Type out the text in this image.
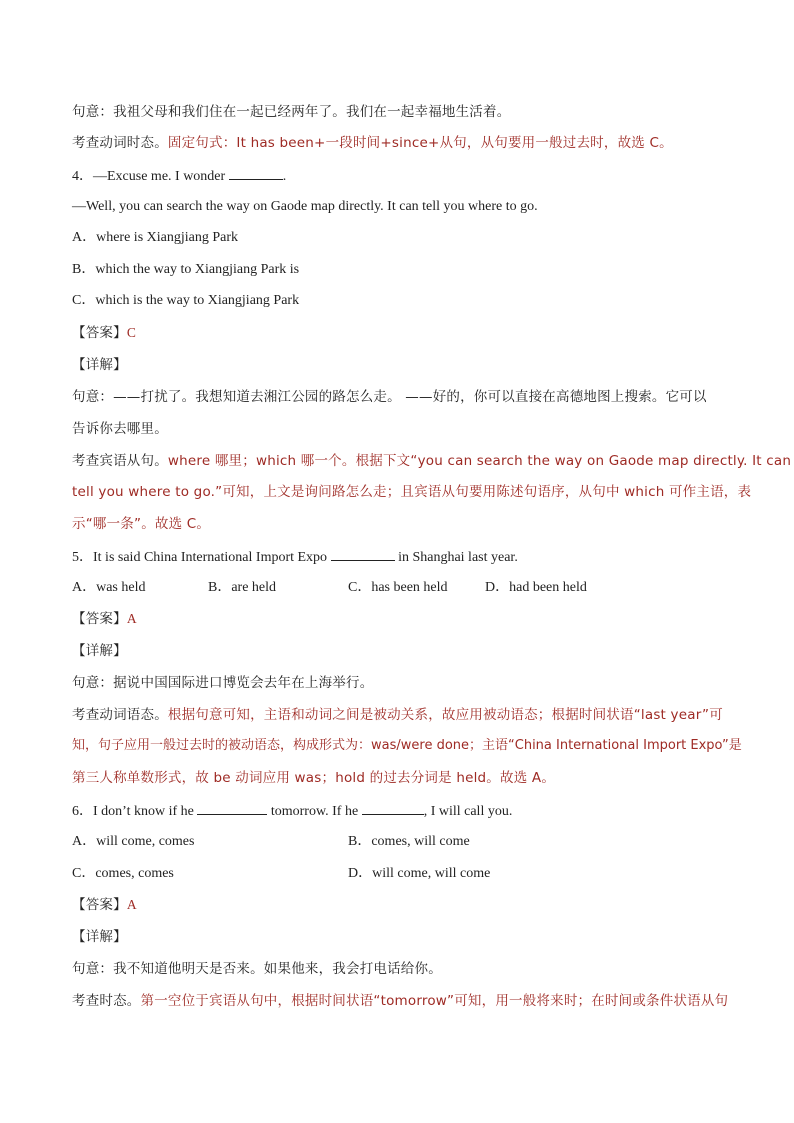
句意：我祖父母和我们住在一起已经两年了。我们在一起幸福地生活着。
考查动词时态。固定句式：It has been+一段时间+since+从句，从句要用一般过去时，故选 C。
4．—Excuse me. I wonder	.
—Well, you can search the way on Gaode map directly. It can tell you where to go.
A．where is Xiangjiang Park
B．which the way to Xiangjiang Park is
C．which is the way to Xiangjiang Park
【答案】C
【详解】
句意：——打扰了。我想知道去湘江公园的路怎么走。 ——好的，你可以直接在高德地图上搜索。它可以
告诉你去哪里。
考查宾语从句。where 哪里；which 哪一个。根据下文“you can search the way on Gaode map directly. It can
tell you where to go.”可知，上文是询问路怎么走；且宾语从句要用陈述句语序，从句中 which 可作主语，表
示“哪一条”。故选 C。
5．It is said China International Import Expo	in Shanghai last year.
A．was held	B．are held	C．has been held	D．had been held
【答案】A
【详解】
句意：据说中国国际进口博览会去年在上海举行。
考查动词语态。根据句意可知，主语和动词之间是被动关系，故应用被动语态；根据时间状语“last year”可
知，句子应用一般过去时的被动语态，构成形式为：was/were done；主语“China International Import Expo”是
第三人称单数形式，故 be 动词应用 was；hold 的过去分词是 held。故选 A。
6．I don’t know if he	tomorrow. If he	, I will call you.
A．will come, comes	B．comes, will come
C．comes, comes	D．will come, will come
【答案】A
【详解】
句意：我不知道他明天是否来。如果他来，我会打电话给你。
考查时态。第一空位于宾语从句中，根据时间状语“tomorrow”可知，用一般将来时；在时间或条件状语从句
